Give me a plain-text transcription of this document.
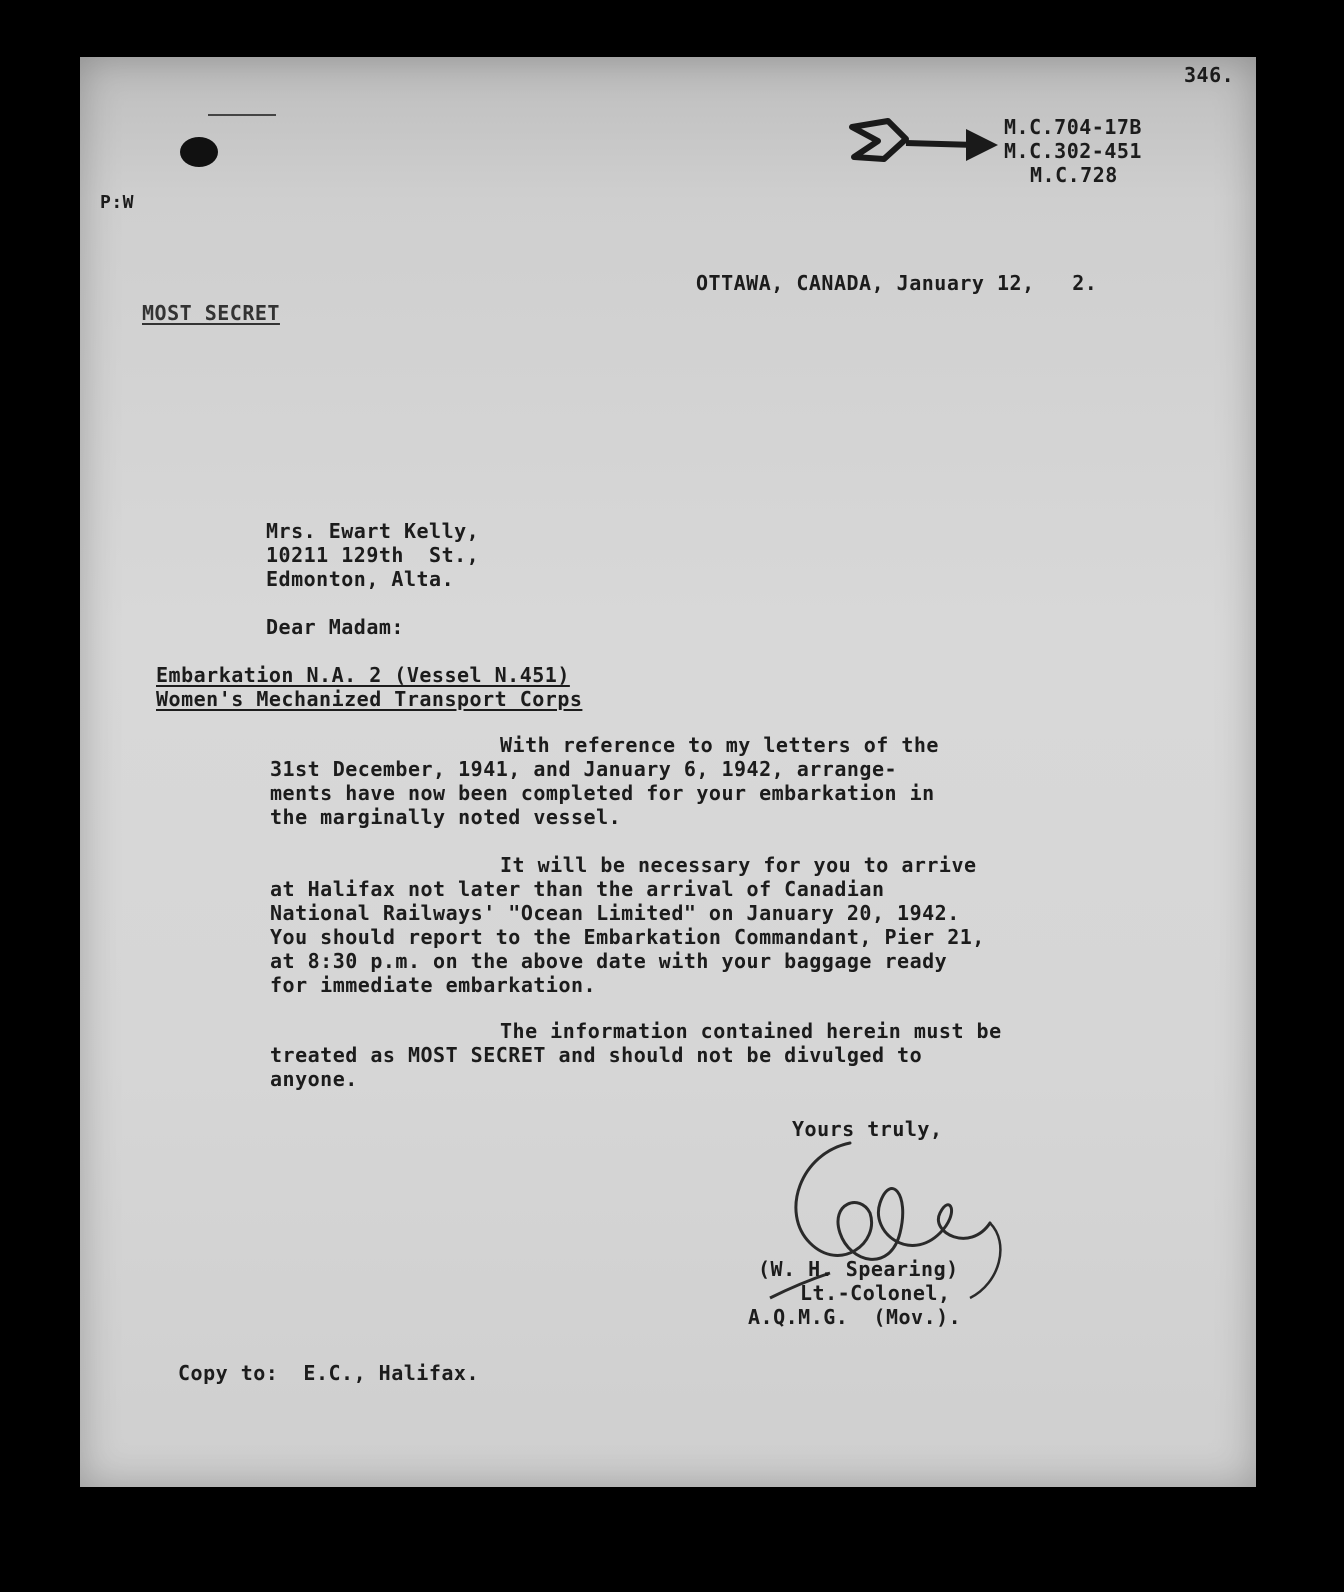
346.
M.C.704-17B
M.C.302-451
M.C.728
P:W
OTTAWA, CANADA, January 12,   2.
MOST SECRET
Mrs. Ewart Kelly,
10211 129th  St.,
Edmonton, Alta.
Dear Madam:
Embarkation N.A. 2 (Vessel N.451)
Women's Mechanized Transport Corps
With reference to my letters of the
31st December, 1941, and January 6, 1942, arrange-
ments have now been completed for your embarkation in
the marginally noted vessel.
It will be necessary for you to arrive
at Halifax not later than the arrival of Canadian
National Railways' "Ocean Limited" on January 20, 1942.
You should report to the Embarkation Commandant, Pier 21,
at 8:30 p.m. on the above date with your baggage ready
for immediate embarkation.
The information contained herein must be
treated as MOST SECRET and should not be divulged to
anyone.
Yours truly,
(W. H. Spearing)
Lt.-Colonel,
A.Q.M.G.  (Mov.).
Copy to:  E.C., Halifax.
